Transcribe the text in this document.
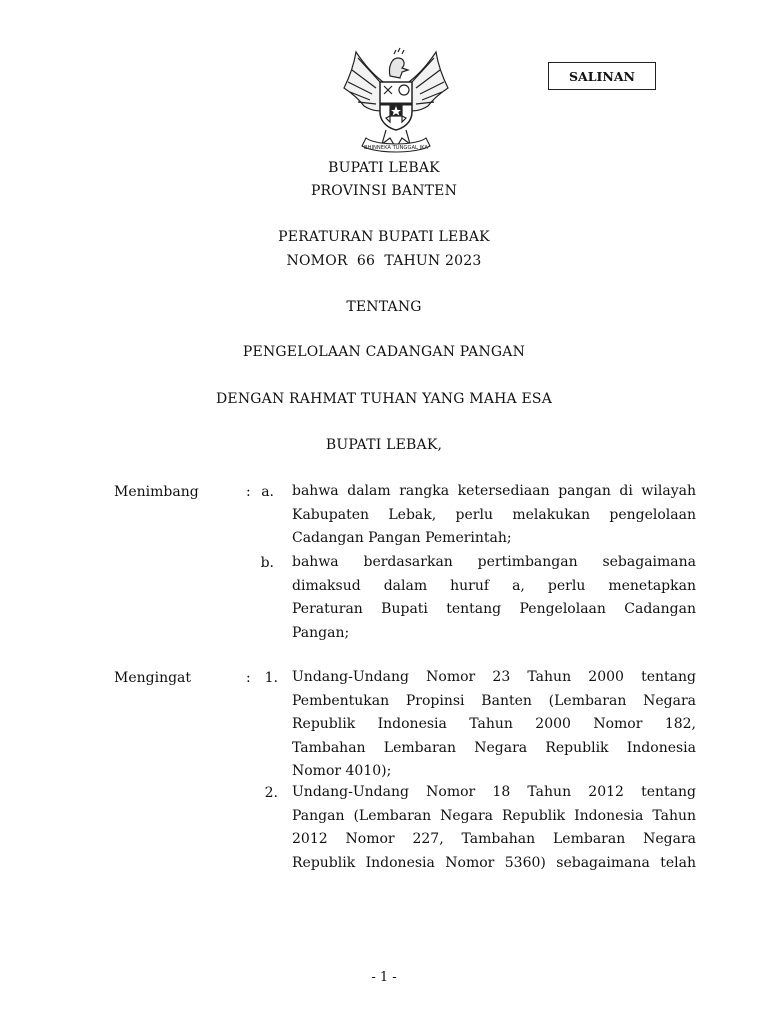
BHINNEKA TUNGGAL IKA
SALINAN
BUPATI LEBAK
PROVINSI BANTEN
PERATURAN BUPATI LEBAK
NOMOR  66  TAHUN 2023
TENTANG
PENGELOLAAN CADANGAN PANGAN
DENGAN RAHMAT TUHAN YANG MAHA ESA
BUPATI LEBAK,
Menimbang	: a. bahwa dalam rangka ketersediaan pangan di wilayah
Kabupaten Lebak, perlu melakukan pengelolaan
Cadangan Pangan Pemerintah;

b. bahwa berdasarkan pertimbangan sebagaimana
dimaksud dalam huruf a, perlu menetapkan
Peraturan Bupati tentang Pengelolaan Cadangan
Pangan;

Mengingat	: 1. Undang-Undang Nomor 23 Tahun 2000 tentang
Pembentukan Propinsi Banten (Lembaran Negara
Republik Indonesia Tahun 2000 Nomor 182,
Tambahan Lembaran Negara Republik Indonesia
Nomor 4010);

2. Undang-Undang Nomor 18 Tahun 2012 tentang
Pangan (Lembaran Negara Republik Indonesia Tahun
2012 Nomor 227, Tambahan Lembaran Negara
Republik Indonesia Nomor 5360) sebagaimana telah

- 1 -
